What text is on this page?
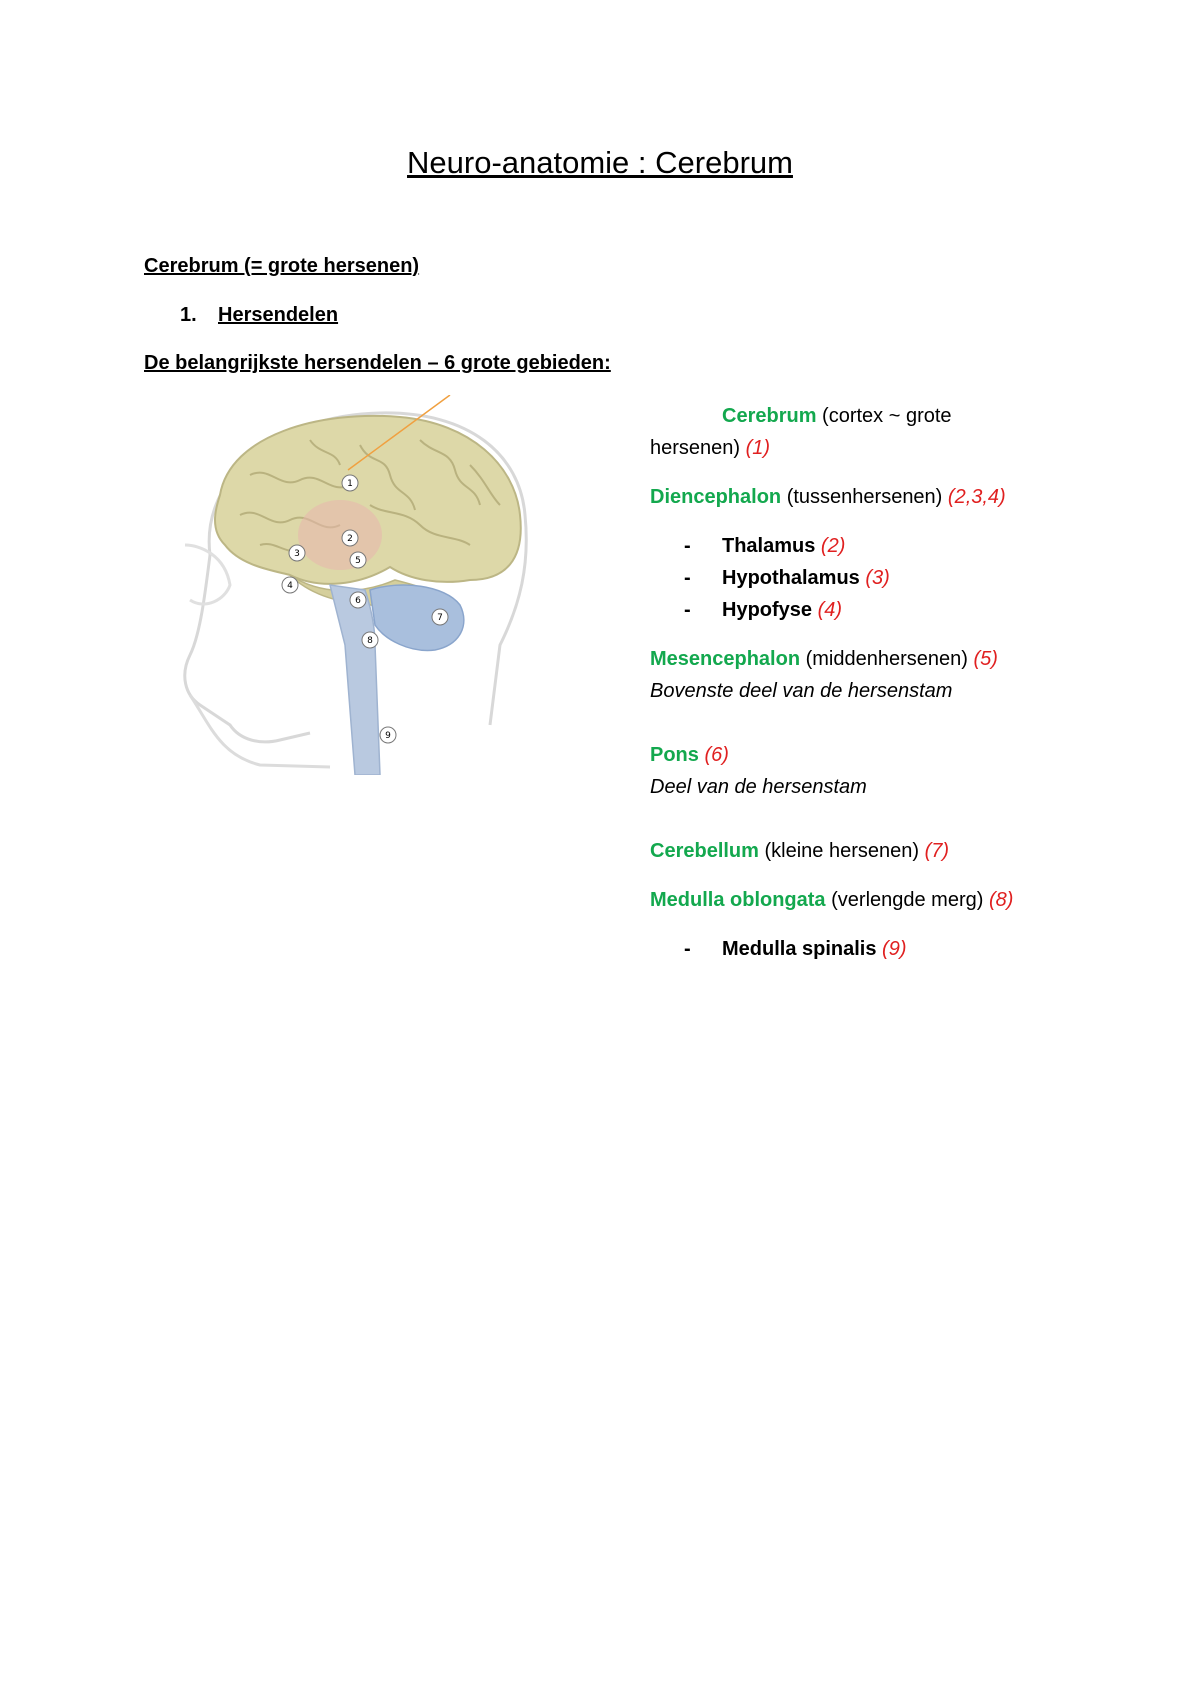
Neuro-anatomie : Cerebrum
Cerebrum (= grote hersenen)
1. Hersendelen
De belangrijkste hersendelen – 6 grote gebieden:
1
2
3
4
5
6
7
8
9

Cerebrum (cortex ~ grote
hersenen) (1)

Diencephalon (tussenhersenen) (2,3,4)

- Thalamus (2)

- Hypothalamus (3)

- Hypofyse (4)

Mesencephalon (middenhersenen) (5)
Bovenste deel van de hersenstam

Pons (6)
Deel van de hersenstam

Cerebellum (kleine hersenen) (7)

Medulla oblongata (verlengde merg) (8)

- Medulla spinalis (9)
